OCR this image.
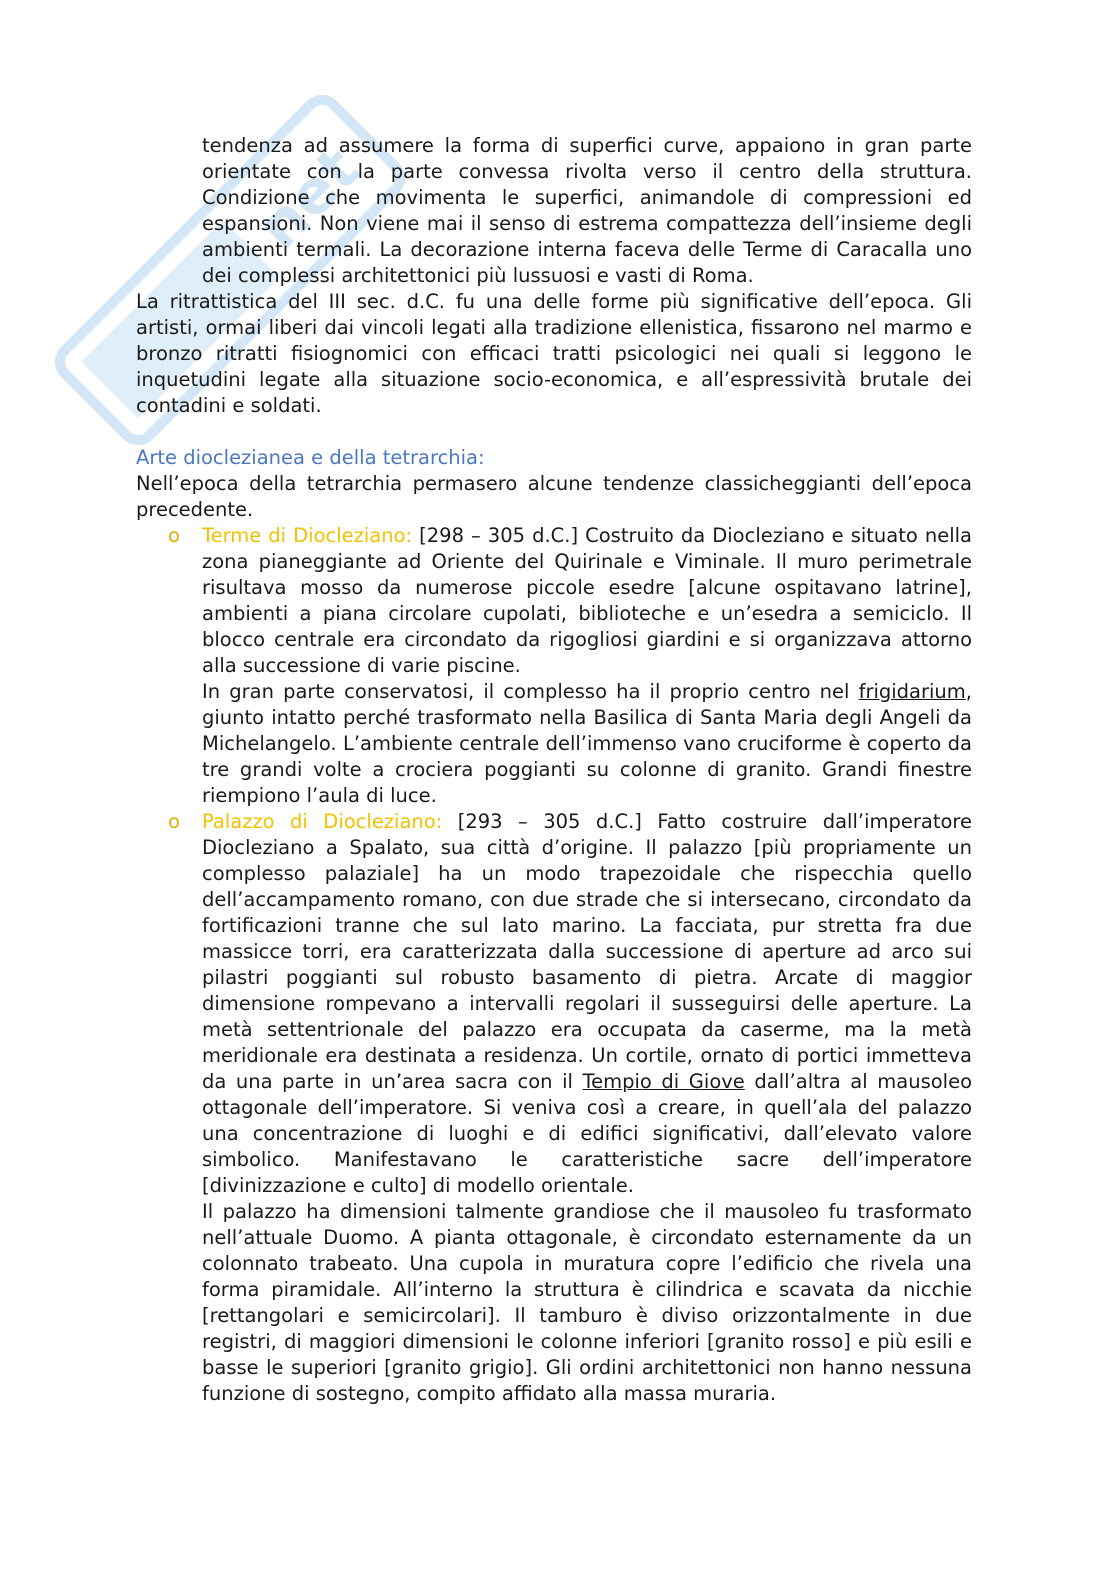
net

tendenza ad assumere la forma di superfici curve, appaiono in gran parte orientate con la parte convessa rivolta verso il centro della struttura. Condizione che movimenta le superfici, animandole di compressioni ed espansioni. Non viene mai il senso di estrema compattezza dell’insieme degli ambienti termali. La decorazione interna faceva delle Terme di Caracalla uno dei complessi architettonici più lussuosi e vasti di Roma.

La ritrattistica del III sec. d.C. fu una delle forme più significative dell’epoca. Gli artisti, ormai liberi dai vincoli legati alla tradizione ellenistica, fissarono nel marmo e bronzo ritratti fisiognomici con efficaci tratti psicologici nei quali si leggono le inquetudini legate alla situazione socio-economica, e all’espressività brutale dei contadini e soldati.

Arte dioclezianea e della tetrarchia:

Nell’epoca della tetrarchia permasero alcune tendenze classicheggianti dell’epoca precedente.

o Terme di Diocleziano: [298 – 305 d.C.] Costruito da Diocleziano e situato nella zona pianeggiante ad Oriente del Quirinale e Viminale. Il muro perimetrale risultava mosso da numerose piccole esedre [alcune ospitavano latrine], ambienti a piana circolare cupolati, biblioteche e un’esedra a semiciclo. Il blocco centrale era circondato da rigogliosi giardini e si organizzava attorno alla successione di varie piscine.

In gran parte conservatosi, il complesso ha il proprio centro nel frigidarium, giunto intatto perché trasformato nella Basilica di Santa Maria degli Angeli da Michelangelo. L’ambiente centrale dell’immenso vano cruciforme è coperto da tre grandi volte a crociera poggianti su colonne di granito. Grandi finestre riempiono l’aula di luce.

o Palazzo di Diocleziano: [293 – 305 d.C.] Fatto costruire dall’imperatore Diocleziano a Spalato, sua città d’origine. Il palazzo [più propriamente un complesso palaziale] ha un modo trapezoidale che rispecchia quello dell’accampamento romano, con due strade che si intersecano, circondato da fortificazioni tranne che sul lato marino. La facciata, pur stretta fra due massicce torri, era caratterizzata dalla successione di aperture ad arco sui pilastri poggianti sul robusto basamento di pietra. Arcate di maggior dimensione rompevano a intervalli regolari il susseguirsi delle aperture. La metà settentrionale del palazzo era occupata da caserme, ma la metà meridionale era destinata a residenza. Un cortile, ornato di portici immetteva da una parte in un’area sacra con il Tempio di Giove dall’altra al mausoleo ottagonale dell’imperatore. Si veniva così a creare, in quell’ala del palazzo una concentrazione di luoghi e di edifici significativi, dall’elevato valore simbolico. Manifestavano le caratteristiche sacre dell’imperatore [divinizzazione e culto] di modello orientale.

Il palazzo ha dimensioni talmente grandiose che il mausoleo fu trasformato nell’attuale Duomo. A pianta ottagonale, è circondato esternamente da un colonnato trabeato. Una cupola in muratura copre l’edificio che rivela una forma piramidale. All’interno la struttura è cilindrica e scavata da nicchie [rettangolari e semicircolari]. Il tamburo è diviso orizzontalmente in due registri, di maggiori dimensioni le colonne inferiori [granito rosso] e più esili e basse le superiori [granito grigio]. Gli ordini architettonici non hanno nessuna funzione di sostegno, compito affidato alla massa muraria.
